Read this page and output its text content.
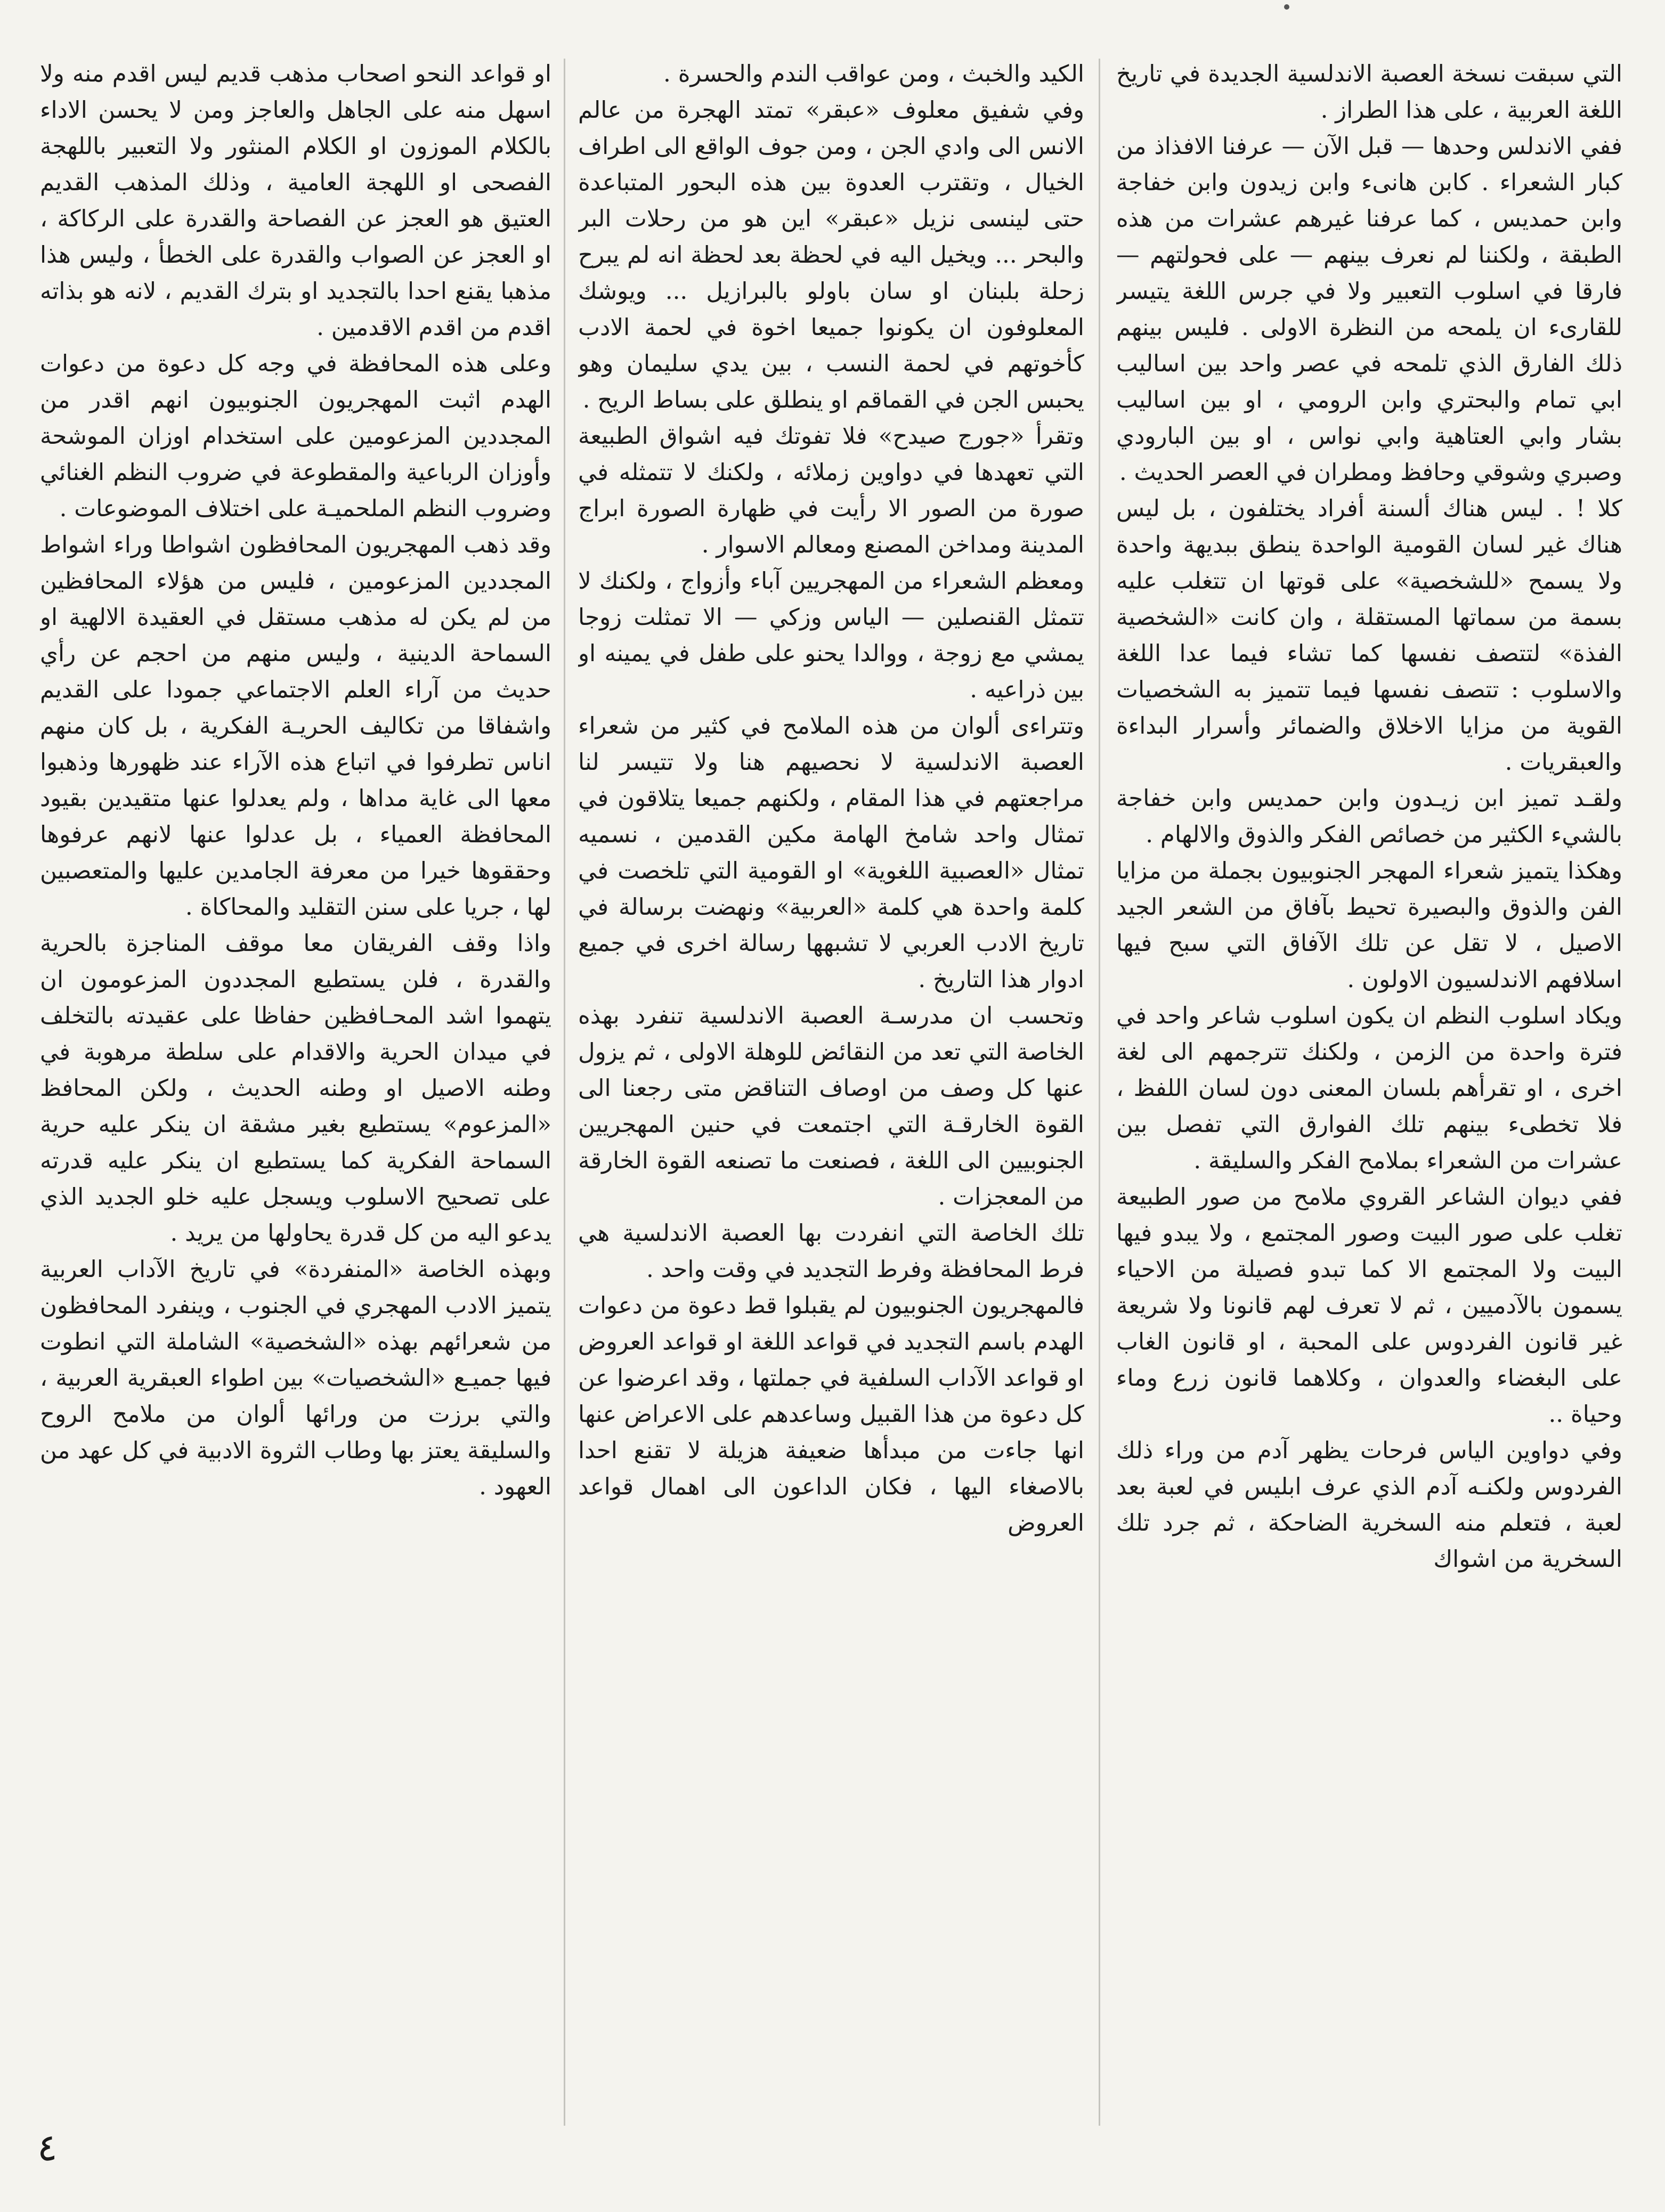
التي سبقت نسخة العصبة الاندلسية الجديدة في تاريخ اللغة العربية ، على هذا الطراز .

ففي الاندلس وحدها — قبل الآن — عرفنا الافذاذ من كبار الشعراء . كابن هانىء وابن زيدون وابن خفاجة وابن حمديس ، كما عرفنا غيرهم عشرات من هذه الطبقة ، ولكننا لم نعرف بينهم — على فحولتهم — فارقا في اسلوب التعبير ولا في جرس اللغة يتيسر للقارىء ان يلمحه من النظرة الاولى . فليس بينهم ذلك الفارق الذي تلمحه في عصر واحد بين اساليب ابي تمام والبحتري وابن الرومي ، او بين اساليب بشار وابي العتاهية وابي نواس ، او بين البارودي وصبري وشوقي وحافظ ومطران في العصر الحديث .

كلا ! . ليس هناك ألسنة أفراد يختلفون ، بل ليس هناك غير لسان القومية الواحدة ينطق ببديهة واحدة ولا يسمح «للشخصية» على قوتها ان تتغلب عليه بسمة من سماتها المستقلة ، وان كانت «الشخصية الفذة» لتتصف نفسها كما تشاء فيما عدا اللغة والاسلوب : تتصف نفسها فيما تتميز به الشخصيات القوية من مزايا الاخلاق والضمائر وأسرار البداءة والعبقريات .

ولقـد تميز ابن زيـدون وابن حمديس وابن خفاجة بالشيء الكثير من خصائص الفكر والذوق والالهام .

وهكذا يتميز شعراء المهجر الجنوبيون بجملة من مزايا الفن والذوق والبصيرة تحيط بآفاق من الشعر الجيد الاصيل ، لا تقل عن تلك الآفاق التي سبح فيها اسلافهم الاندلسيون الاولون .

ويكاد اسلوب النظم ان يكون اسلوب شاعر واحد في فترة واحدة من الزمن ، ولكنك تترجمهم الى لغة اخرى ، او تقرأهم بلسان المعنى دون لسان اللفظ ، فلا تخطىء بينهم تلك الفوارق التي تفصل بين عشرات من الشعراء بملامح الفكر والسليقة .

ففي ديوان الشاعر القروي ملامح من صور الطبيعة تغلب على صور البيت وصور المجتمع ، ولا يبدو فيها البيت ولا المجتمع الا كما تبدو فصيلة من الاحياء يسمون بالآدميين ، ثم لا تعرف لهم قانونا ولا شريعة غير قانون الفردوس على المحبة ، او قانون الغاب على البغضاء والعدوان ، وكلاهما قانون زرع وماء وحياة ..

وفي دواوين الياس فرحات يظهر آدم من وراء ذلك الفردوس ولكنـه آدم الذي عرف ابليس في لعبة بعد لعبة ، فتعلم منه السخرية الضاحكة ، ثم جرد تلك السخرية من اشواك

الكيد والخبث ، ومن عواقب الندم والحسرة .

وفي شفيق معلوف «عبقر» تمتد الهجرة من عالم الانس الى وادي الجن ، ومن جوف الواقع الى اطراف الخيال ، وتقترب العدوة بين هذه البحور المتباعدة حتى لينسى نزيل «عبقر» اين هو من رحلات البر والبحر ... ويخيل اليه في لحظة بعد لحظة انه لم يبرح زحلة بلبنان او سان باولو بالبرازيل ... ويوشك المعلوفون ان يكونوا جميعا اخوة في لحمة الادب كأخوتهم في لحمة النسب ، بين يدي سليمان وهو يحبس الجن في القماقم او ينطلق على بساط الريح .

وتقرأ «جورج صيدح» فلا تفوتك فيه اشواق الطبيعة التي تعهدها في دواوين زملائه ، ولكنك لا تتمثله في صورة من الصور الا رأيت في ظهارة الصورة ابراج المدينة ومداخن المصنع ومعالم الاسوار .

ومعظم الشعراء من المهجريين آباء وأزواج ، ولكنك لا تتمثل القنصلين — الياس وزكي — الا تمثلت زوجا يمشي مع زوجة ، ووالدا يحنو على طفل في يمينه او بين ذراعيه .

وتتراءى ألوان من هذه الملامح في كثير من شعراء العصبة الاندلسية لا نحصيهم هنا ولا تتيسر لنا مراجعتهم في هذا المقام ، ولكنهم جميعا يتلاقون في تمثال واحد شامخ الهامة مكين القدمين ، نسميه تمثال «العصبية اللغوية» او القومية التي تلخصت في كلمة واحدة هي كلمة «العربية» ونهضت برسالة في تاريخ الادب العربي لا تشبهها رسالة اخرى في جميع ادوار هذا التاريخ .

وتحسب ان مدرسـة العصبة الاندلسية تنفرد بهذه الخاصة التي تعد من النقائض للوهلة الاولى ، ثم يزول عنها كل وصف من اوصاف التناقض متى رجعنا الى القوة الخارقـة التي اجتمعت في حنين المهجريين الجنوبيين الى اللغة ، فصنعت ما تصنعه القوة الخارقة من المعجزات .

تلك الخاصة التي انفردت بها العصبة الاندلسية هي فرط المحافظة وفرط التجديد في وقت واحد .

فالمهجريون الجنوبيون لم يقبلوا قط دعوة من دعوات الهدم باسم التجديد في قواعد اللغة او قواعد العروض او قواعد الآداب السلفية في جملتها ، وقد اعرضوا عن كل دعوة من هذا القبيل وساعدهم على الاعراض عنها انها جاءت من مبدأها ضعيفة هزيلة لا تقنع احدا بالاصغاء اليها ، فكان الداعون الى اهمال قواعد العروض

او قواعد النحو اصحاب مذهب قديم ليس اقدم منه ولا اسهل منه على الجاهل والعاجز ومن لا يحسن الاداء بالكلام الموزون او الكلام المنثور ولا التعبير باللهجة الفصحى او اللهجة العامية ، وذلك المذهب القديم العتيق هو العجز عن الفصاحة والقدرة على الركاكة ، او العجز عن الصواب والقدرة على الخطأ ، وليس هذا مذهبا يقنع احدا بالتجديد او بترك القديم ، لانه هو بذاته اقدم من اقدم الاقدمين .

وعلى هذه المحافظة في وجه كل دعوة من دعوات الهدم اثبت المهجريون الجنوبيون انهم اقدر من المجددين المزعومين على استخدام اوزان الموشحة وأوزان الرباعية والمقطوعة في ضروب النظم الغنائي وضروب النظم الملحميـة على اختلاف الموضوعات .

وقد ذهب المهجريون المحافظون اشواطا وراء اشواط المجددين المزعومين ، فليس من هؤلاء المحافظين من لم يكن له مذهب مستقل في العقيدة الالهية او السماحة الدينية ، وليس منهم من احجم عن رأي حديث من آراء العلم الاجتماعي جمودا على القديم واشفاقا من تكاليف الحريـة الفكرية ، بل كان منهم اناس تطرفوا في اتباع هذه الآراء عند ظهورها وذهبوا معها الى غاية مداها ، ولم يعدلوا عنها متقيدين بقيود المحافظة العمياء ، بل عدلوا عنها لانهم عرفوها وحققوها خيرا من معرفة الجامدين عليها والمتعصبين لها ، جريا على سنن التقليد والمحاكاة .

واذا وقف الفريقان معا موقف المناجزة بالحرية والقدرة ، فلن يستطيع المجددون المزعومون ان يتهموا اشد المحـافظين حفاظا على عقيدته بالتخلف في ميدان الحرية والاقدام على سلطة مرهوبة في وطنه الاصيل او وطنه الحديث ، ولكن المحافظ «المزعوم» يستطيع بغير مشقة ان ينكر عليه حرية السماحة الفكرية كما يستطيع ان ينكر عليه قدرته على تصحيح الاسلوب ويسجل عليه خلو الجديد الذي يدعو اليه من كل قدرة يحاولها من يريد .

وبهذه الخاصة «المنفردة» في تاريخ الآداب العربية يتميز الادب المهجري في الجنوب ، وينفرد المحافظون من شعرائهم بهذه «الشخصية» الشاملة التي انطوت فيها جميـع «الشخصيات» بين اطواء العبقرية العربية ، والتي برزت من ورائها ألوان من ملامح الروح والسليقة يعتز بها وطاب الثروة الادبية في كل عهد من العهود .

٤
